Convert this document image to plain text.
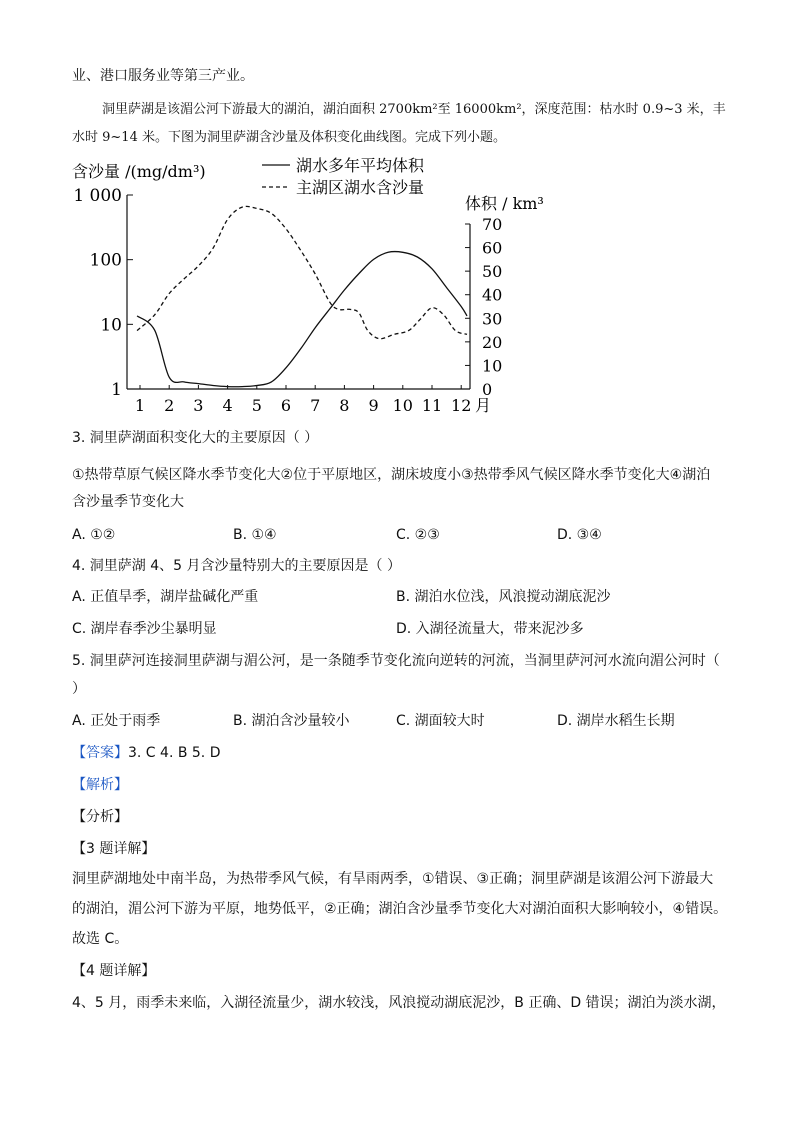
业、港口服务业等第三产业。
洞里萨湖是该湄公河下游最大的湖泊，湖泊面积 2700km²至 16000km²，深度范围：枯水时 0.9~3 米，丰
水时 9~14 米。下图为洞里萨湖含沙量及体积变化曲线图。完成下列小题。
1
10
100
1 000
含沙量 /(mg/dm³)
0
10
20
30
40
50
60
70
体积 / km³
1 2 3 4 5 6 7 8 9 10 11 12 月
湖水多年平均体积
主湖区湖水含沙量
3. 洞里萨湖面积变化大的主要原因（ ）
①热带草原气候区降水季节变化大②位于平原地区，湖床坡度小③热带季风气候区降水季节变化大④湖泊
含沙量季节变化大
A. ①②	B. ①④	C. ②③	D. ③④
4. 洞里萨湖 4、5 月含沙量特别大的主要原因是（ ）
A. 正值旱季，湖岸盐碱化严重	B. 湖泊水位浅，风浪搅动湖底泥沙
C. 湖岸春季沙尘暴明显	D. 入湖径流量大，带来泥沙多
5. 洞里萨河连接洞里萨湖与湄公河，是一条随季节变化流向逆转的河流，当洞里萨河河水流向湄公河时（
）
A. 正处于雨季	B. 湖泊含沙量较小	C. 湖面较大时	D. 湖岸水稻生长期
【答案】3. C 4. B 5. D
【解析】
【分析】
【3 题详解】
洞里萨湖地处中南半岛，为热带季风气候，有旱雨两季，①错误、③正确；洞里萨湖是该湄公河下游最大
的湖泊，湄公河下游为平原，地势低平，②正确；湖泊含沙量季节变化大对湖泊面积大影响较小，④错误。
故选 C。
【4 题详解】
4、5 月，雨季未来临，入湖径流量少，湖水较浅，风浪搅动湖底泥沙，B 正确、D 错误；湖泊为淡水湖，
